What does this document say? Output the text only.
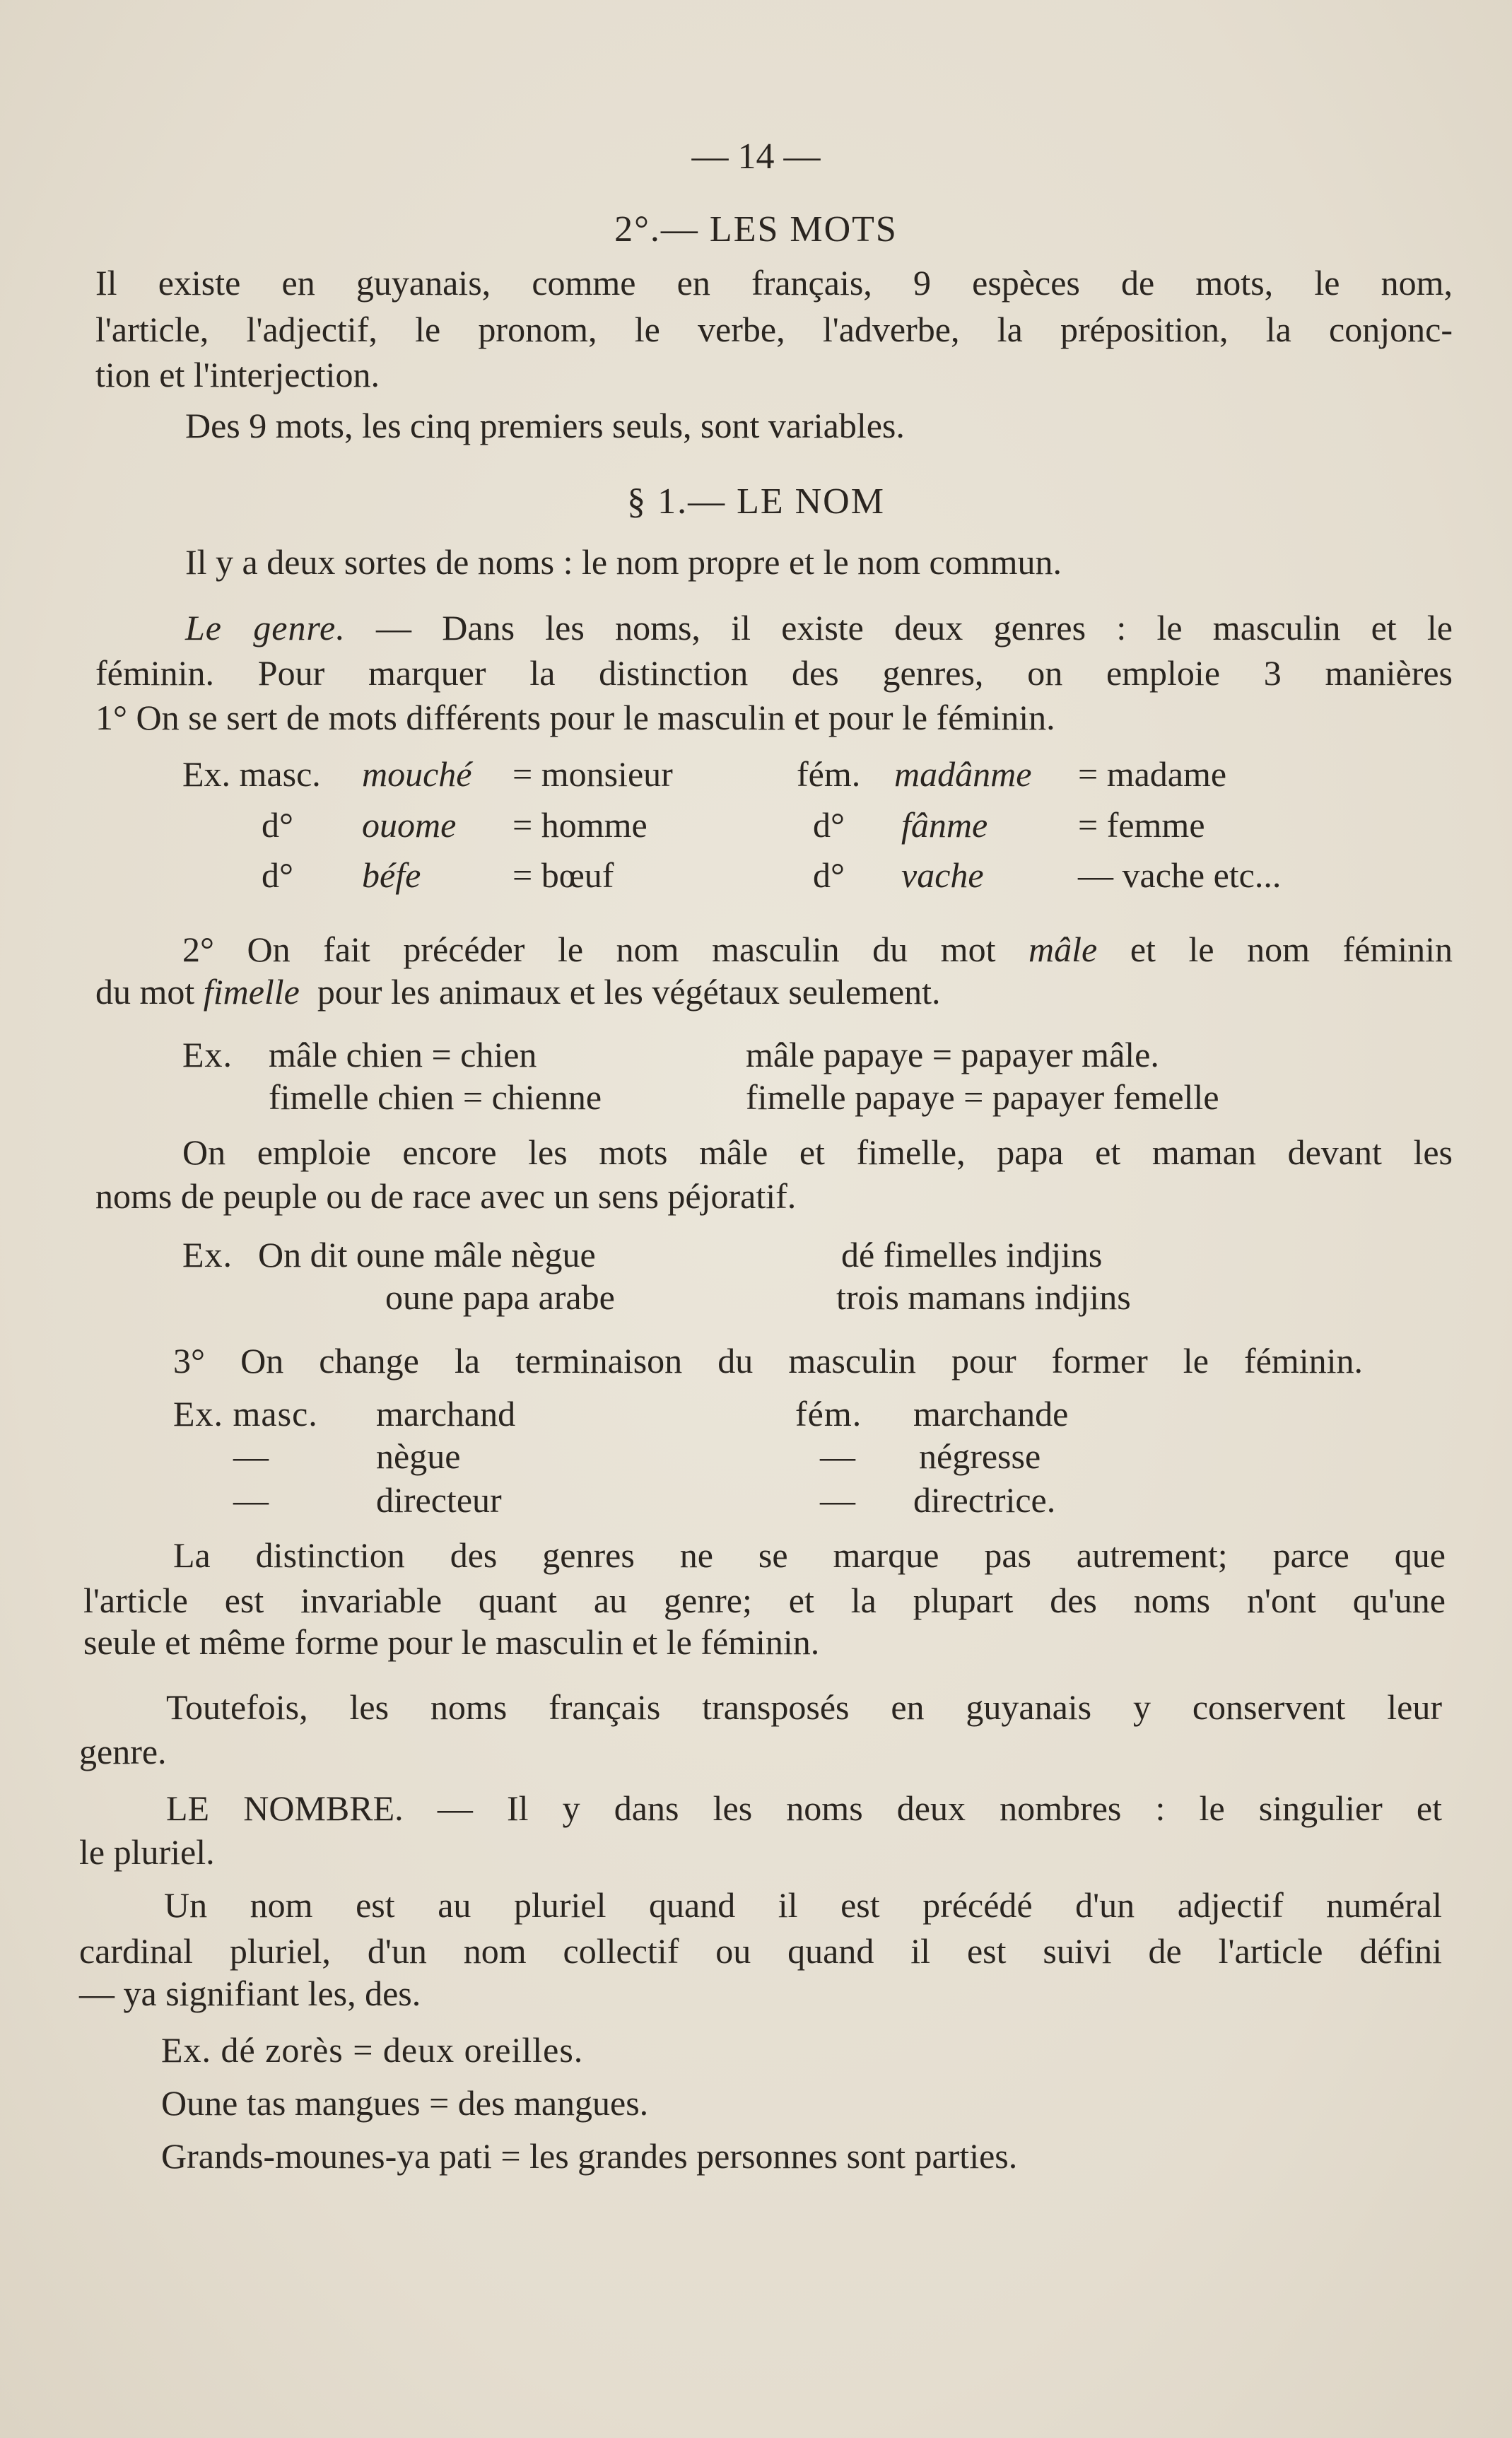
— 14 —
2°.— LES MOTS
Il existe en guyanais, comme en français, 9 espèces de mots, le nom,
l'article, l'adjectif, le pronom, le verbe, l'adverbe, la préposition, la conjonc-
tion et l'interjection.
Des 9 mots, les cinq premiers seuls, sont variables.
§ 1.— LE NOM
Il y a deux sortes de noms : le nom propre et le nom commun.
Le genre. — Dans les noms, il existe deux genres : le masculin et le
féminin. Pour marquer la distinction des genres, on emploie 3 manières
1° On se sert de mots différents pour le masculin et pour le féminin.
Ex. masc. mouché = monsieur	fém. madânme = madame
d° ouome = homme	d° fânme	= femme
d° béfe	= bœuf	d° vache	— vache etc...
2° On fait précéder le nom masculin du mot mâle et le nom féminin
du mot fimelle pour les animaux et les végétaux seulement.
Ex. mâle chien = chien	mâle papaye = papayer mâle.
fimelle chien = chienne	fimelle papaye = papayer femelle
On emploie encore les mots mâle et fimelle, papa et maman devant les
noms de peuple ou de race avec un sens péjoratif.
Ex. On dit oune mâle nègue	dé fimelles indjins
oune papa arabe	trois mamans indjins
3° On change la terminaison du masculin pour former le féminin.
Ex. masc. marchand	fém. marchande
—	nègue	— négresse
—	directeur	— directrice.
La distinction des genres ne se marque pas autrement; parce que
l'article est invariable quant au genre; et la plupart des noms n'ont qu'une
seule et même forme pour le masculin et le féminin.
Toutefois, les noms français transposés en guyanais y conservent leur
genre.
LE NOMBRE. — Il y dans les noms deux nombres : le singulier et
le pluriel.
Un nom est au pluriel quand il est précédé d'un adjectif numéral
cardinal pluriel, d'un nom collectif ou quand il est suivi de l'article défini
— ya signifiant les, des.
Ex. dé zorès = deux oreilles.
Oune tas mangues = des mangues.
Grands-mounes-ya pati = les grandes personnes sont parties.
